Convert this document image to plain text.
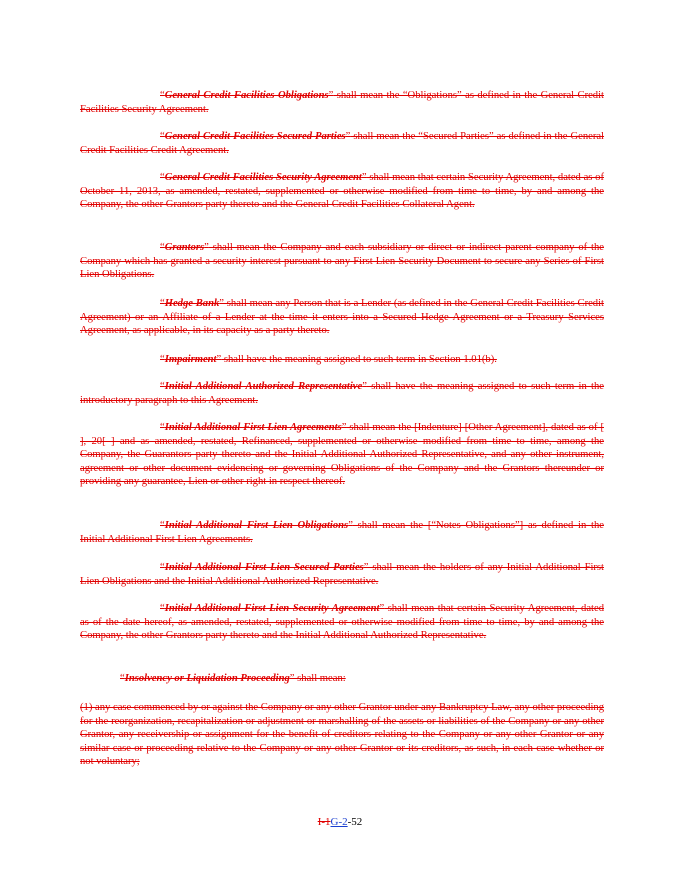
“General Credit Facilities Obligations” shall mean the “Obligations” as defined in the General Credit Facilities Security Agreement.
“General Credit Facilities Secured Parties” shall mean the “Secured Parties” as defined in the General Credit Facilities Credit Agreement.
“General Credit Facilities Security Agreement” shall mean that certain Security Agreement, dated as of October 11, 2013, as amended, restated, supplemented or otherwise modified from time to time, by and among the Company, the other Grantors party thereto and the General Credit Facilities Collateral Agent.
“Grantors” shall mean the Company and each subsidiary or direct or indirect parent company of the Company which has granted a security interest pursuant to any First Lien Security Document to secure any Series of First Lien Obligations.
“Hedge Bank” shall mean any Person that is a Lender (as defined in the General Credit Facilities Credit Agreement) or an Affiliate of a Lender at the time it enters into a Secured Hedge Agreement or a Treasury Services Agreement, as applicable, in its capacity as a party thereto.
“Impairment” shall have the meaning assigned to such term in Section 1.01(b).
“Initial Additional Authorized Representative” shall have the meaning assigned to such term in the introductory paragraph to this Agreement.
“Initial Additional First Lien Agreements” shall mean the [Indenture] [Other Agreement], dated as of [ ], 20[ ] and as amended, restated, Refinanced, supplemented or otherwise modified from time to time, among the Company, the Guarantors party thereto and the Initial Additional Authorized Representative, and any other instrument, agreement or other document evidencing or governing Obligations of the Company and the Grantors thereunder or providing any guarantee, Lien or other right in respect thereof.
“Initial Additional First Lien Obligations” shall mean the [“Notes Obligations”] as defined in the Initial Additional First Lien Agreements.
“Initial Additional First Lien Secured Parties” shall mean the holders of any Initial Additional First Lien Obligations and the Initial Additional Authorized Representative.
“Initial Additional First Lien Security Agreement” shall mean that certain Security Agreement, dated as of the date hereof, as amended, restated, supplemented or otherwise modified from time to time, by and among the Company, the other Grantors party thereto and the Initial Additional Authorized Representative.
“Insolvency or Liquidation Proceeding” shall mean:
(1) any case commenced by or against the Company or any other Grantor under any Bankruptcy Law, any other proceeding for the reorganization, recapitalization or adjustment or marshalling of the assets or liabilities of the Company or any other Grantor, any receivership or assignment for the benefit of creditors relating to the Company or any other Grantor or any similar case or proceeding relative to the Company or any other Grantor or its creditors, as such, in each case whether or not voluntary;
I-1G-2-52
